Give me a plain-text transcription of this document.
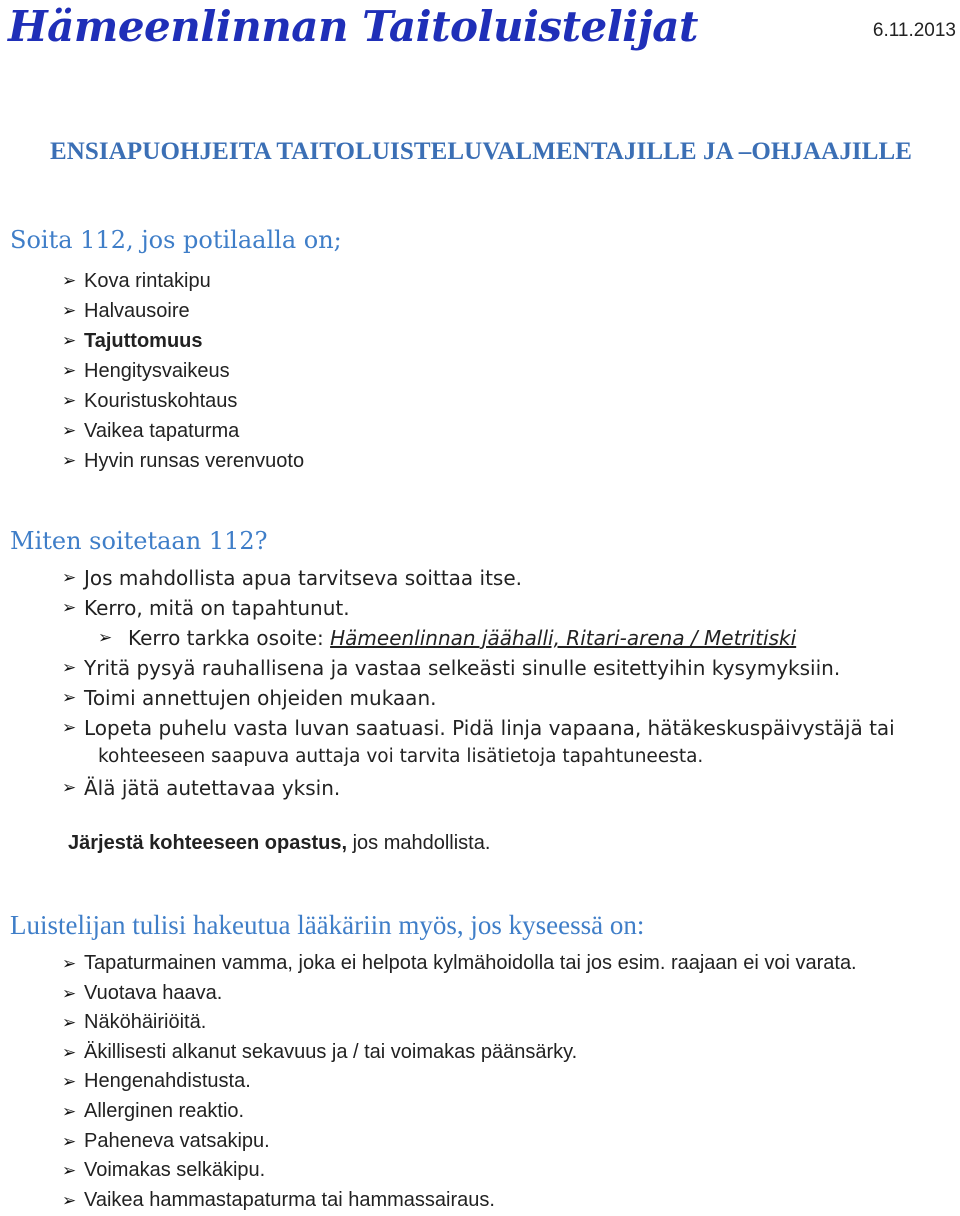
Hämeenlinnan Taitoluistelijat	6.11.2013
ENSIAPUOHJEITA TAITOLUISTELUVALMENTAJILLE JA –OHJAAJILLE
Soita 112, jos potilaalla on;
➢ Kova rintakipu
➢ Halvausoire
➢ Tajuttomuus
➢ Hengitysvaikeus
➢ Kouristuskohtaus
➢ Vaikea tapaturma
➢ Hyvin runsas verenvuoto
Miten soitetaan 112?
➢ Jos mahdollista apua tarvitseva soittaa itse.
➢ Kerro, mitä on tapahtunut.
➢ Kerro tarkka osoite: Hämeenlinnan jäähalli, Ritari-arena / Metritiski
➢ Yritä pysyä rauhallisena ja vastaa selkeästi sinulle esitettyihin kysymyksiin.
➢ Toimi annettujen ohjeiden mukaan.
➢ Lopeta puhelu vasta luvan saatuasi. Pidä linja vapaana, hätäkeskuspäivystäjä tai
kohteeseen saapuva auttaja voi tarvita lisätietoja tapahtuneesta.
➢ Älä jätä autettavaa yksin.
Järjestä kohteeseen opastus, jos mahdollista.
Luistelijan tulisi hakeutua lääkäriin myös, jos kyseessä on:
➢ Tapaturmainen vamma, joka ei helpota kylmähoidolla tai jos esim. raajaan ei voi varata.
➢ Vuotava haava.
➢ Näköhäiriöitä.
➢ Äkillisesti alkanut sekavuus ja / tai voimakas päänsärky.
➢ Hengenahdistusta.
➢ Allerginen reaktio.
➢ Paheneva vatsakipu.
➢ Voimakas selkäkipu.
➢ Vaikea hammastapaturma tai hammassairaus.
